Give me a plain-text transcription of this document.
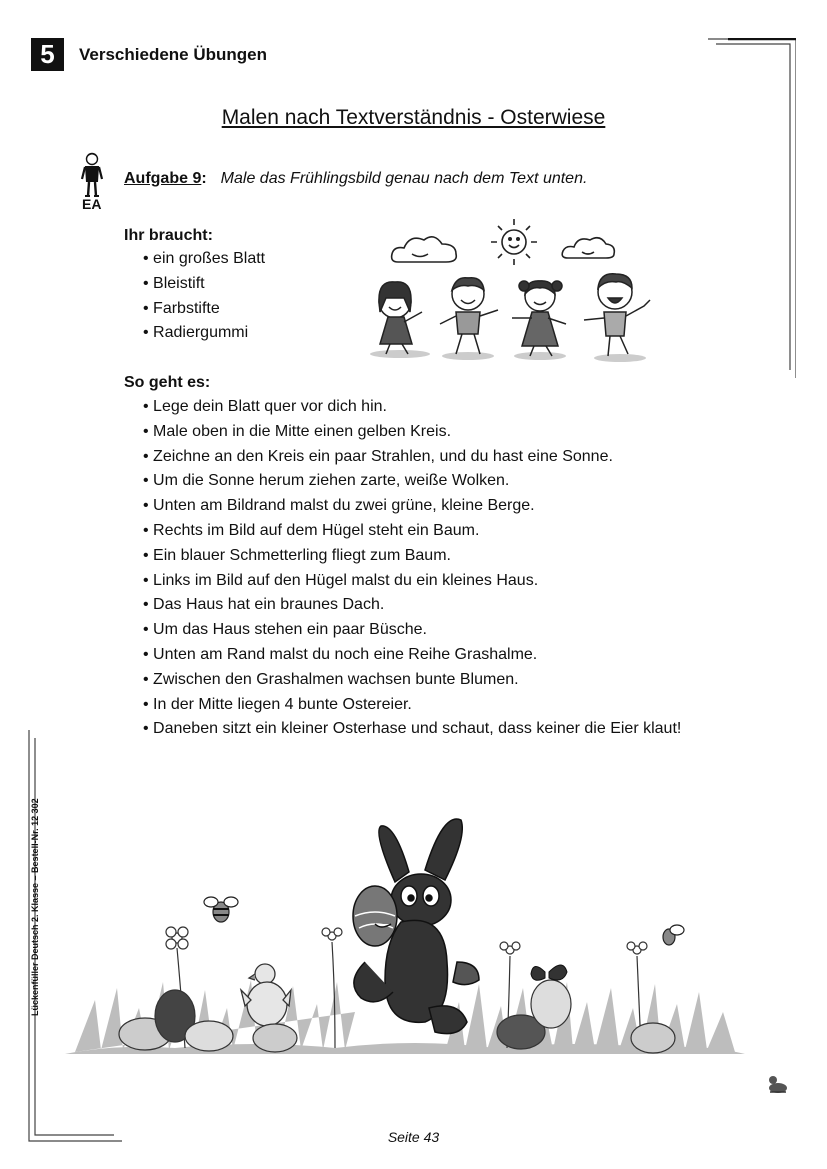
5	Verschiedene Übungen
Malen nach Textverständnis - Osterwiese
EA
Aufgabe 9: Male das Frühlingsbild genau nach dem Text unten.
Ihr braucht:
• ein großes Blatt
• Bleistift
• Farbstifte
• Radiergummi
So geht es:
• Lege dein Blatt quer vor dich hin.
• Male oben in die Mitte einen gelben Kreis.
• Zeichne an den Kreis ein paar Strahlen, und du hast eine Sonne.
• Um die Sonne herum ziehen zarte, weiße Wolken.
• Unten am Bildrand malst du zwei grüne, kleine Berge.
• Rechts im Bild auf dem Hügel steht ein Baum.
• Ein blauer Schmetterling fliegt zum Baum.
• Links im Bild auf den Hügel malst du ein kleines Haus.
• Das Haus hat ein braunes Dach.
• Um das Haus stehen ein paar Büsche.
• Unten am Rand malst du noch eine Reihe Grashalme.
• Zwischen den Grashalmen wachsen bunte Blumen.
• In der Mitte liegen 4 bunte Ostereier.
• Daneben sitzt ein kleiner Osterhase und schaut, dass keiner die Eier klaut!
Lückenfüller Deutsch 2. Klasse – Bestell-Nr. 12 302
Seite 43
